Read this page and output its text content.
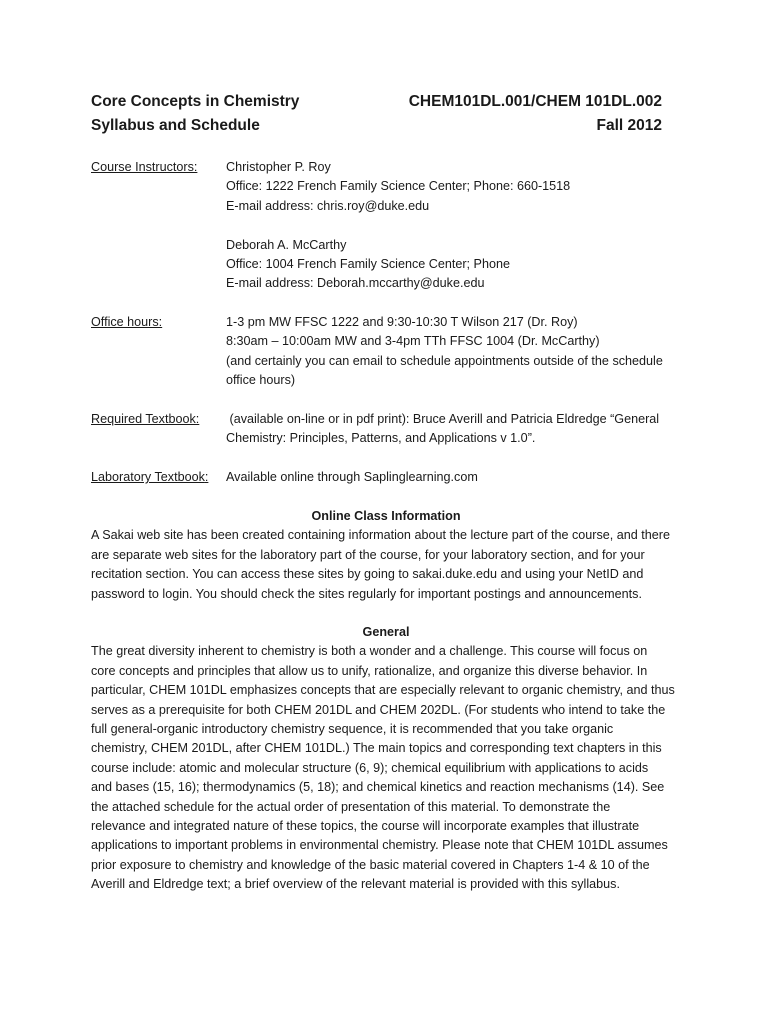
Core Concepts in Chemistry	CHEM101DL.001/CHEM 101DL.002
Syllabus and Schedule	Fall 2012
Course Instructors:	Christopher P. Roy
Office: 1222 French Family Science Center; Phone: 660-1518
E-mail address: chris.roy@duke.edu
Deborah A. McCarthy
Office: 1004 French Family Science Center; Phone
E-mail address: Deborah.mccarthy@duke.edu
Office hours:	1-3 pm MW FFSC 1222 and 9:30-10:30 T Wilson 217 (Dr. Roy)
8:30am – 10:00am MW and 3-4pm TTh FFSC 1004 (Dr. McCarthy)
(and certainly you can email to schedule appointments outside of the schedule
office hours)
Required Textbook:	(available on-line or in pdf print): Bruce Averill and Patricia Eldredge “General
Chemistry: Principles, Patterns, and Applications v 1.0”.
Laboratory Textbook:	Available online through Saplinglearning.com
Online Class Information
A Sakai web site has been created containing information about the lecture part of the course, and there
are separate web sites for the laboratory part of the course, for your laboratory section, and for your
recitation section. You can access these sites by going to sakai.duke.edu and using your NetID and
password to login. You should check the sites regularly for important postings and announcements.
General
The great diversity inherent to chemistry is both a wonder and a challenge. This course will focus on
core concepts and principles that allow us to unify, rationalize, and organize this diverse behavior. In
particular, CHEM 101DL emphasizes concepts that are especially relevant to organic chemistry, and thus
serves as a prerequisite for both CHEM 201DL and CHEM 202DL. (For students who intend to take the
full general-organic introductory chemistry sequence, it is recommended that you take organic
chemistry, CHEM 201DL, after CHEM 101DL.) The main topics and corresponding text chapters in this
course include: atomic and molecular structure (6, 9); chemical equilibrium with applications to acids
and bases (15, 16); thermodynamics (5, 18); and chemical kinetics and reaction mechanisms (14). See
the attached schedule for the actual order of presentation of this material. To demonstrate the
relevance and integrated nature of these topics, the course will incorporate examples that illustrate
applications to important problems in environmental chemistry. Please note that CHEM 101DL assumes
prior exposure to chemistry and knowledge of the basic material covered in Chapters 1-4 & 10 of the
Averill and Eldredge text; a brief overview of the relevant material is provided with this syllabus.
